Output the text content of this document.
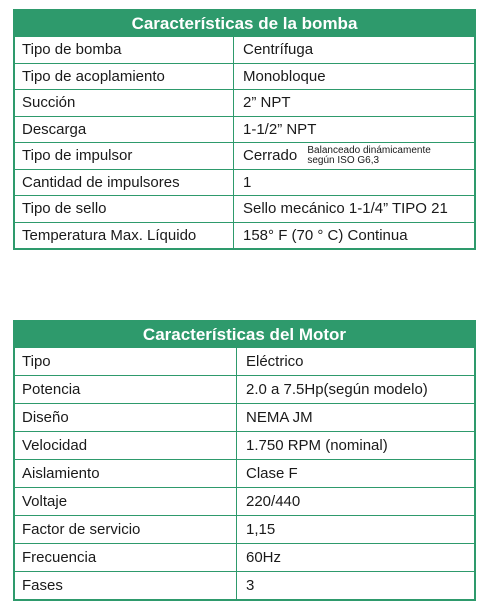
Características de la bomba
Tipo de bomba	Centrífuga
Tipo de acoplamiento	Monobloque
Succión	2” NPT
Descarga	1-1/2” NPT
Tipo de impulsor	Cerrado Balanceado dinámicamente
según ISO G6,3
Cantidad de impulsores	1
Tipo de sello	Sello mecánico 1-1/4” TIPO 21
Temperatura Max. Líquido	158° F (70 ° C) Continua
Características del Motor
Tipo	Eléctrico
Potencia	2.0 a 7.5Hp(según modelo)
Diseño	NEMA JM
Velocidad	1.750 RPM (nominal)
Aislamiento	Clase F
Voltaje	220/440
Factor de servicio	1,15
Frecuencia	60Hz
Fases	3
